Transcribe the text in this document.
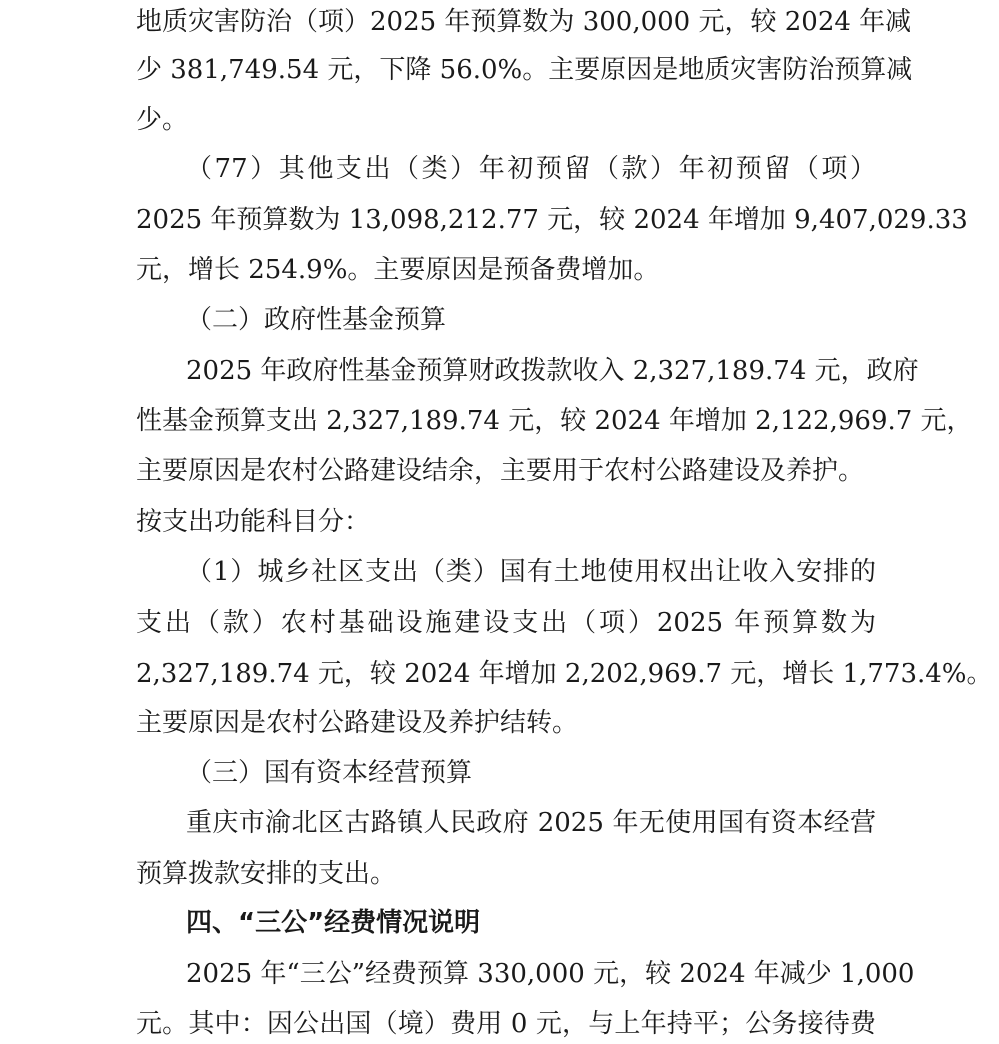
地质灾害防治（项）2025 年预算数为 300,000 元，较 2024 年减
少 381,749.54 元，下降 56.0%。主要原因是地质灾害防治预算减
少。
（77）其他支出（类）年初预留（款）年初预留（项）
2025 年预算数为 13,098,212.77 元，较 2024 年增加 9,407,029.33
元，增长 254.9%。主要原因是预备费增加。
（二）政府性基金预算
2025 年政府性基金预算财政拨款收入 2,327,189.74 元，政府
性基金预算支出 2,327,189.74 元，较 2024 年增加 2,122,969.7 元，
主要原因是农村公路建设结余，主要用于农村公路建设及养护。
按支出功能科目分：
（1）城乡社区支出（类）国有土地使用权出让收入安排的
支出（款）农村基础设施建设支出（项）2025 年预算数为
2,327,189.74 元，较 2024 年增加 2,202,969.7 元，增长 1,773.4%。
主要原因是农村公路建设及养护结转。
（三）国有资本经营预算
重庆市渝北区古路镇人民政府 2025 年无使用国有资本经营
预算拨款安排的支出。
四、“三公”经费情况说明
2025 年“三公”经费预算 330,000 元，较 2024 年减少 1,000
元。其中：因公出国（境）费用 0 元，与上年持平；公务接待费
